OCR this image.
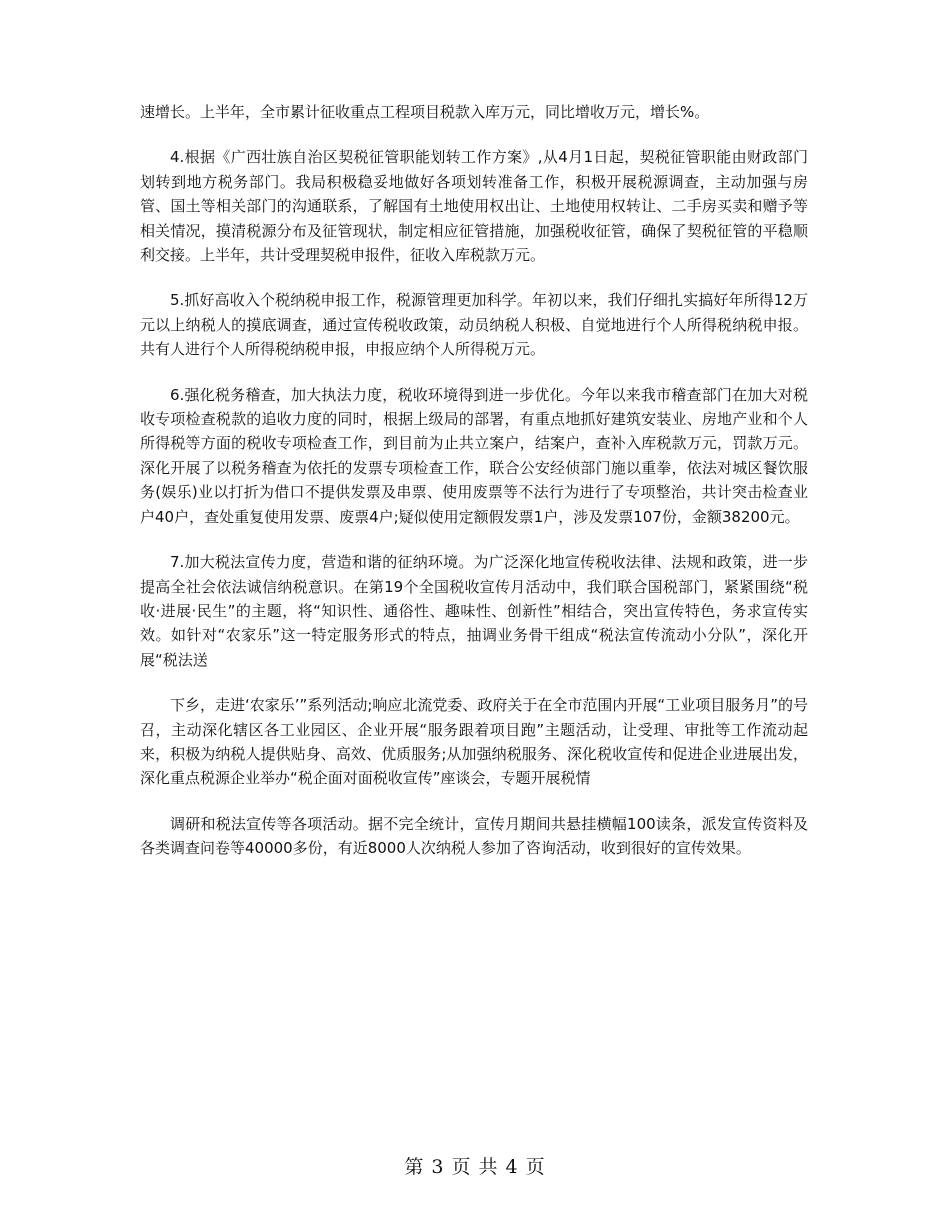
速增长。上半年，全市累计征收重点工程项目税款入库万元，同比增收万元，增长%。

4.根据《广西壮族自治区契税征管职能划转工作方案》,从4月1日起，契税征管职能由财政部门划转到地方税务部门。我局积极稳妥地做好各项划转准备工作，积极开展税源调查，主动加强与房管、国土等相关部门的沟通联系，了解国有土地使用权出让、土地使用权转让、二手房买卖和赠予等相关情况，摸清税源分布及征管现状，制定相应征管措施，加强税收征管，确保了契税征管的平稳顺利交接。上半年，共计受理契税申报件，征收入库税款万元。

5.抓好高收入个税纳税申报工作，税源管理更加科学。年初以来，我们仔细扎实搞好年所得12万元以上纳税人的摸底调查，通过宣传税收政策，动员纳税人积极、自觉地进行个人所得税纳税申报。共有人进行个人所得税纳税申报，申报应纳个人所得税万元。

6.强化税务稽查，加大执法力度，税收环境得到进一步优化。今年以来我市稽查部门在加大对税收专项检查税款的追收力度的同时，根据上级局的部署，有重点地抓好建筑安装业、房地产业和个人所得税等方面的税收专项检查工作，到目前为止共立案户，结案户，查补入库税款万元，罚款万元。深化开展了以税务稽查为依托的发票专项检查工作，联合公安经侦部门施以重拳，依法对城区餐饮服务(娱乐)业以打折为借口不提供发票及串票、使用废票等不法行为进行了专项整治，共计突击检查业户40户，查处重复使用发票、废票4户;疑似使用定额假发票1户，涉及发票107份，金额38200元。

7.加大税法宣传力度，营造和谐的征纳环境。为广泛深化地宣传税收法律、法规和政策，进一步提高全社会依法诚信纳税意识。在第19个全国税收宣传月活动中，我们联合国税部门，紧紧围绕“税收·进展·民生”的主题，将“知识性、通俗性、趣味性、创新性”相结合，突出宣传特色，务求宣传实效。如针对“农家乐”这一特定服务形式的特点，抽调业务骨干组成“税法宣传流动小分队”，深化开展“税法送

下乡，走进‘农家乐’”系列活动;响应北流党委、政府关于在全市范围内开展“工业项目服务月”的号召，主动深化辖区各工业园区、企业开展“服务跟着项目跑”主题活动，让受理、审批等工作流动起来，积极为纳税人提供贴身、高效、优质服务;从加强纳税服务、深化税收宣传和促进企业进展出发，深化重点税源企业举办“税企面对面税收宣传”座谈会，专题开展税情

调研和税法宣传等各项活动。据不完全统计，宣传月期间共悬挂横幅100读条，派发宣传资料及各类调查问卷等40000多份，有近8000人次纳税人参加了咨询活动，收到很好的宣传效果。

第 3 页 共 4 页
